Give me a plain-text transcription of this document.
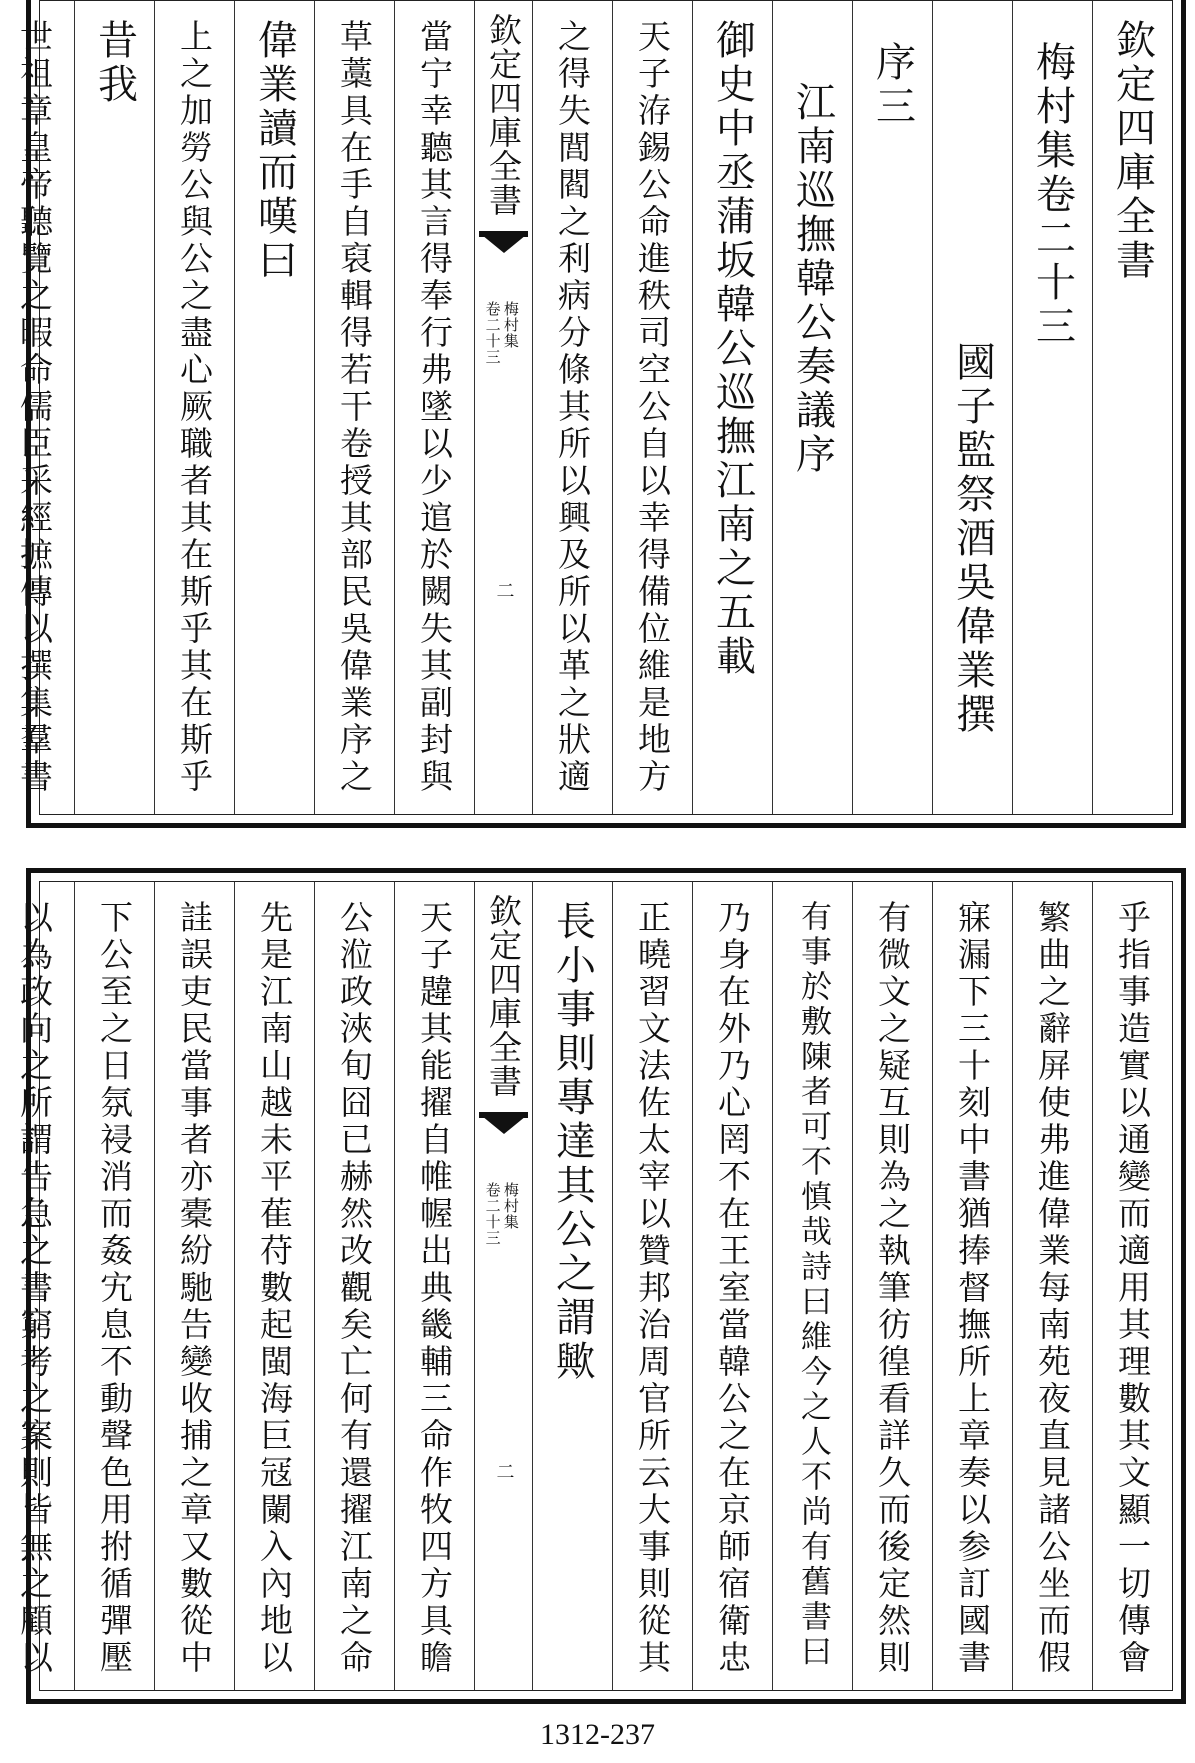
欽定四庫全書
梅村集卷二十三
國子監祭酒吳偉業撰
序三
江南巡撫韓公奏議序
御史中丞蒲坂韓公巡撫江南之五載
天子洊錫公命進秩司空公自以幸得備位維是地方
之得失閭閻之利病分條其所以興及所以革之狀適
欽定四庫全書
梅村集
卷二十三
二
當宁幸聽其言得奉行弗墜以少逭於闕失其副封與
草藁具在手自裒輯得若干卷授其部民吳偉業序之
偉業讀而嘆曰
上之加勞公與公之盡心厥職者其在斯乎其在斯乎
昔我
世祖章皇帝聽覽之暇命儒臣采經摭傳以撰集羣書
乎指事造實以通變而適用其理數其文顯一切傳會
繁曲之辭屏使弗進偉業每南苑夜直見諸公坐而假
寐漏下三十刻中書猶捧督撫所上章奏以参訂國書
有微文之疑互則為之執筆彷徨看詳久而後定然則
有事於敷陳者可不慎哉詩曰維今之人不尚有舊書曰
乃身在外乃心罔不在王室當韓公之在京師宿衛忠
正曉習文法佐太宰以贊邦治周官所云大事則從其
長小事則專達其公之謂歟
欽定四庫全書
梅村集
卷二十三
二
天子韙其能擢自帷幄出典畿輔三命作牧四方具瞻
公涖政浹旬囧已赫然改觀矣亡何有還擢江南之命
先是江南山越未平萑苻數起閩海巨冦闌入內地以
詿誤吏民當事者亦橐紛馳告變收捕之章又數從中
下公至之日氛祲消而姦宄息不動聲色用拊循彈壓
以為政向之所謂告急之書窮考之案則皆無之顧以
1312-237
